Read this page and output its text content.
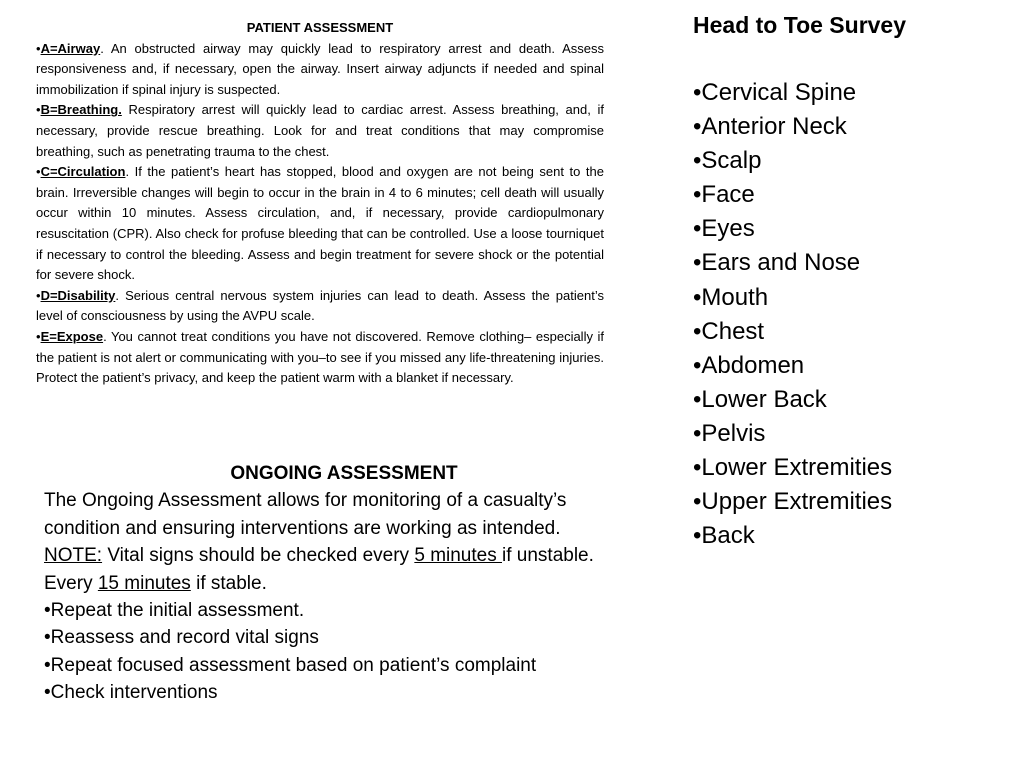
PATIENT ASSESSMENT

•A=Airway. An obstructed airway may quickly lead to respiratory arrest and death. Assess responsiveness and, if necessary, open the airway. Insert airway adjuncts if needed and spinal immobilization if spinal injury is suspected.

•B=Breathing. Respiratory arrest will quickly lead to cardiac arrest. Assess breathing, and, if necessary, provide rescue breathing. Look for and treat conditions that may compromise breathing, such as penetrating trauma to the chest.

•C=Circulation. If the patient’s heart has stopped, blood and oxygen are not being sent to the brain. Irreversible changes will begin to occur in the brain in 4 to 6 minutes; cell death will usually occur within 10 minutes. Assess circulation, and, if necessary, provide cardiopulmonary resuscitation (CPR). Also check for profuse bleeding that can be controlled. Use a loose tourniquet if necessary to control the bleeding. Assess and begin treatment for severe shock or the potential for severe shock.

•D=Disability. Serious central nervous system injuries can lead to death. Assess the patient’s level of consciousness by using the AVPU scale.

•E=Expose. You cannot treat conditions you have not discovered. Remove clothing– especially if the patient is not alert or communicating with you–to see if you missed any life-threatening injuries. Protect the patient’s privacy, and keep the patient warm with a blanket if necessary.

ONGOING ASSESSMENT

The Ongoing Assessment allows for monitoring of a casualty’s

condition and ensuring interventions are working as intended.

NOTE: Vital signs should be checked every 5 minutes if unstable.

Every 15 minutes if stable.

•Repeat the initial assessment.

•Reassess and record vital signs

•Repeat focused assessment based on patient’s complaint

•Check interventions

Head to Toe Survey
•Cervical Spine
•Anterior Neck
•Scalp
•Face
•Eyes
•Ears and Nose
•Mouth
•Chest
•Abdomen
•Lower Back
•Pelvis
•Lower Extremities
•Upper Extremities
•Back
